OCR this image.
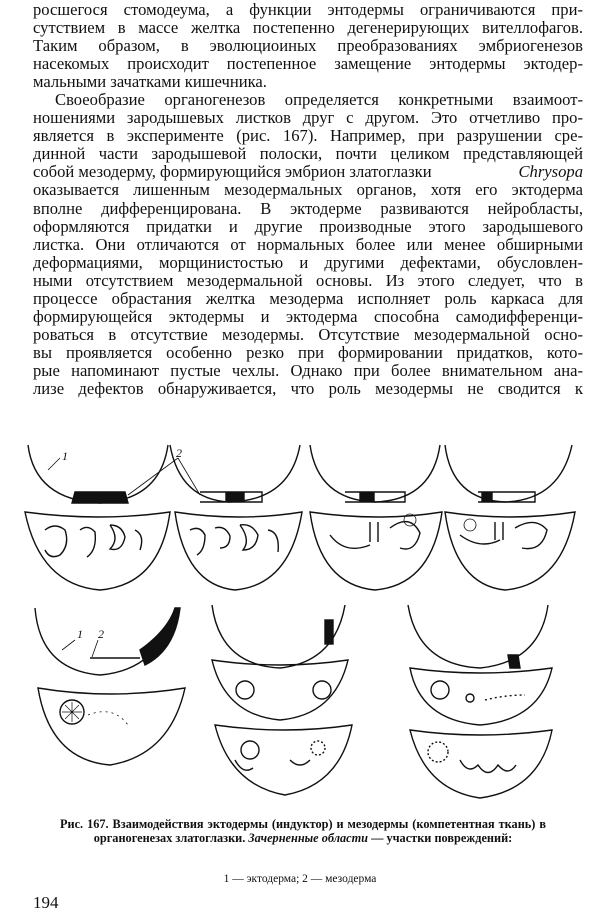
росшегося стомодеума, а функции энтодермы ограничиваются при-
сутствием в массе желтка постепенно дегенерирующих вителлофагов.
Таким образом, в эволюциоиных преобразованиях эмбриогенезов
насекомых происходит постепенное замещение энтодермы эктодер-
мальными зачатками кишечника.
Своеобразие органогенезов определяется конкретными взаимоот-
ношениями зародышевых листков друг с другом. Это отчетливо про-
является в эксперименте (рис. 167). Например, при разрушении сре-
динной части зародышевой полоски, почти целиком представляющей
собой мезодерму, формирующийся эмбрион златоглазки	Chrysopa
оказывается лишенным мезодермальных органов, хотя его эктодерма
вполне дифференцирована. В эктодерме развиваются нейробласты,
оформляются придатки и другие производные этого зародышевого
листка. Они отличаются от нормальных более или менее обширными
деформациями, морщинистостью и другими дефектами, обусловлен-
ными отсутствием мезодермальной основы. Из этого следует, что в
процессе обрастания желтка мезодерма исполняет роль каркаса для
формирующейся эктодермы и эктодерма способна самодифференци-
роваться в отсутствие мезодермы. Отсутствие мезодермальной осно-
вы проявляется особенно резко при формировании придатков, кото-
рые напоминают пустые чехлы. Однако при более внимательном ана-
лизе дефектов обнаруживается, что роль мезодермы не сводится к
1	2
1 2
Рис. 167. Взаимодействия эктодермы (индуктор) и мезодермы (компетентная ткань) в органогенезах златоглазки. Зачерненные области — участки повреждений:
1 — эктодерма; 2 — мезодерма
194
